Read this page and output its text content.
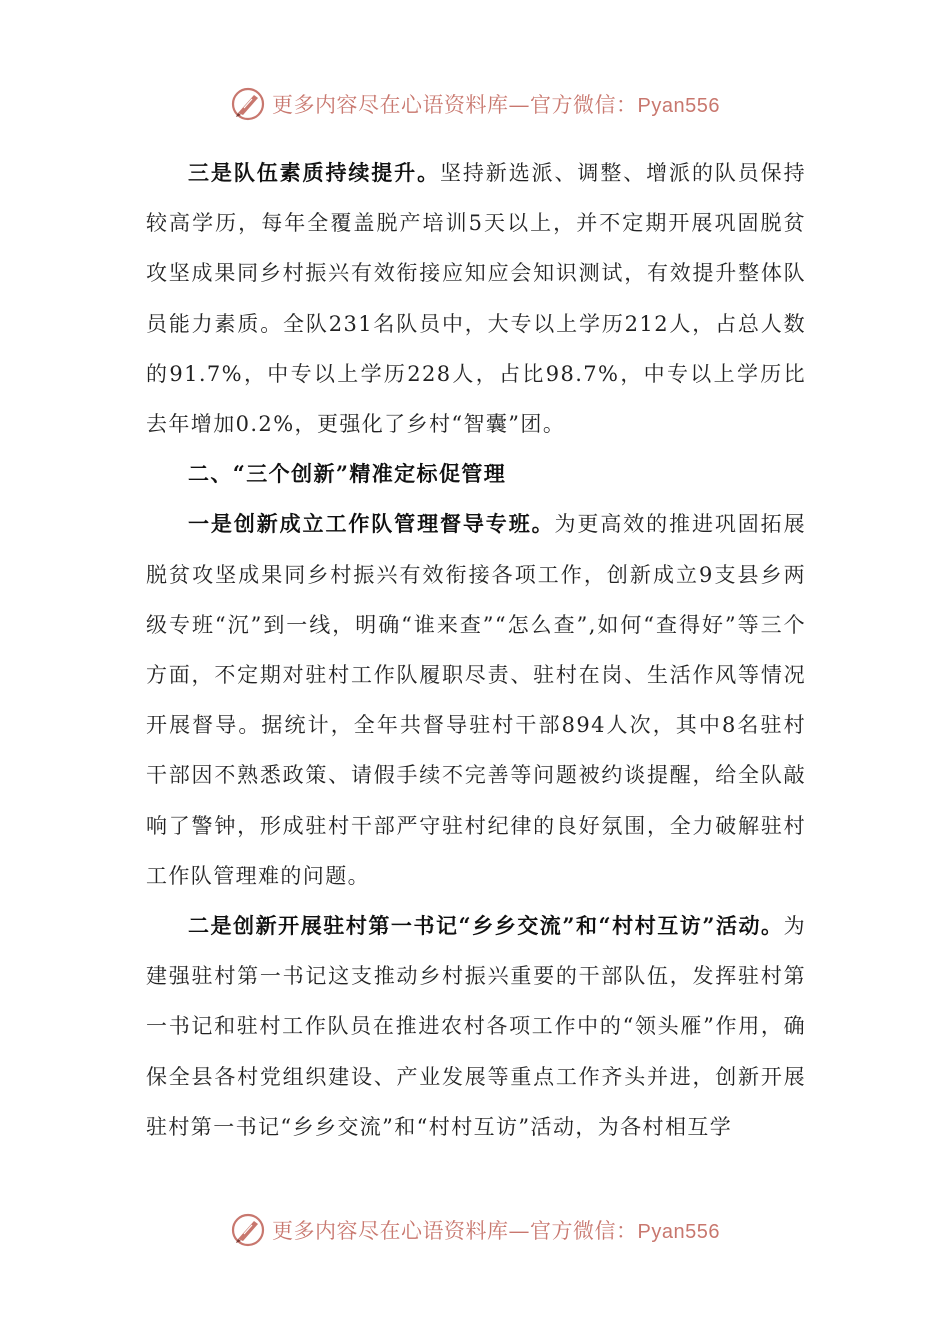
更多内容尽在心语资料库—官方微信：Pyan556

三是队伍素质持续提升。坚持新选派、调整、增派的队员保持较高学历，每年全覆盖脱产培训5天以上，并不定期开展巩固脱贫攻坚成果同乡村振兴有效衔接应知应会知识测试，有效提升整体队员能力素质。全队231名队员中，大专以上学历212人，占总人数的91.7%，中专以上学历228人，占比98.7%，中专以上学历比去年增加0.2%，更强化了乡村“智囊”团。

二、“三个创新”精准定标促管理

一是创新成立工作队管理督导专班。为更高效的推进巩固拓展脱贫攻坚成果同乡村振兴有效衔接各项工作，创新成立9支县乡两级专班“沉”到一线，明确“谁来查”“怎么查”,如何“查得好”等三个方面，不定期对驻村工作队履职尽责、驻村在岗、生活作风等情况开展督导。据统计，全年共督导驻村干部894人次，其中8名驻村干部因不熟悉政策、请假手续不完善等问题被约谈提醒，给全队敲响了警钟，形成驻村干部严守驻村纪律的良好氛围，全力破解驻村工作队管理难的问题。

二是创新开展驻村第一书记“乡乡交流”和“村村互访”活动。为建强驻村第一书记这支推动乡村振兴重要的干部队伍，发挥驻村第一书记和驻村工作队员在推进农村各项工作中的“领头雁”作用，确保全县各村党组织建设、产业发展等重点工作齐头并进，创新开展驻村第一书记“乡乡交流”和“村村互访”活动，为各村相互学

更多内容尽在心语资料库—官方微信：Pyan556
